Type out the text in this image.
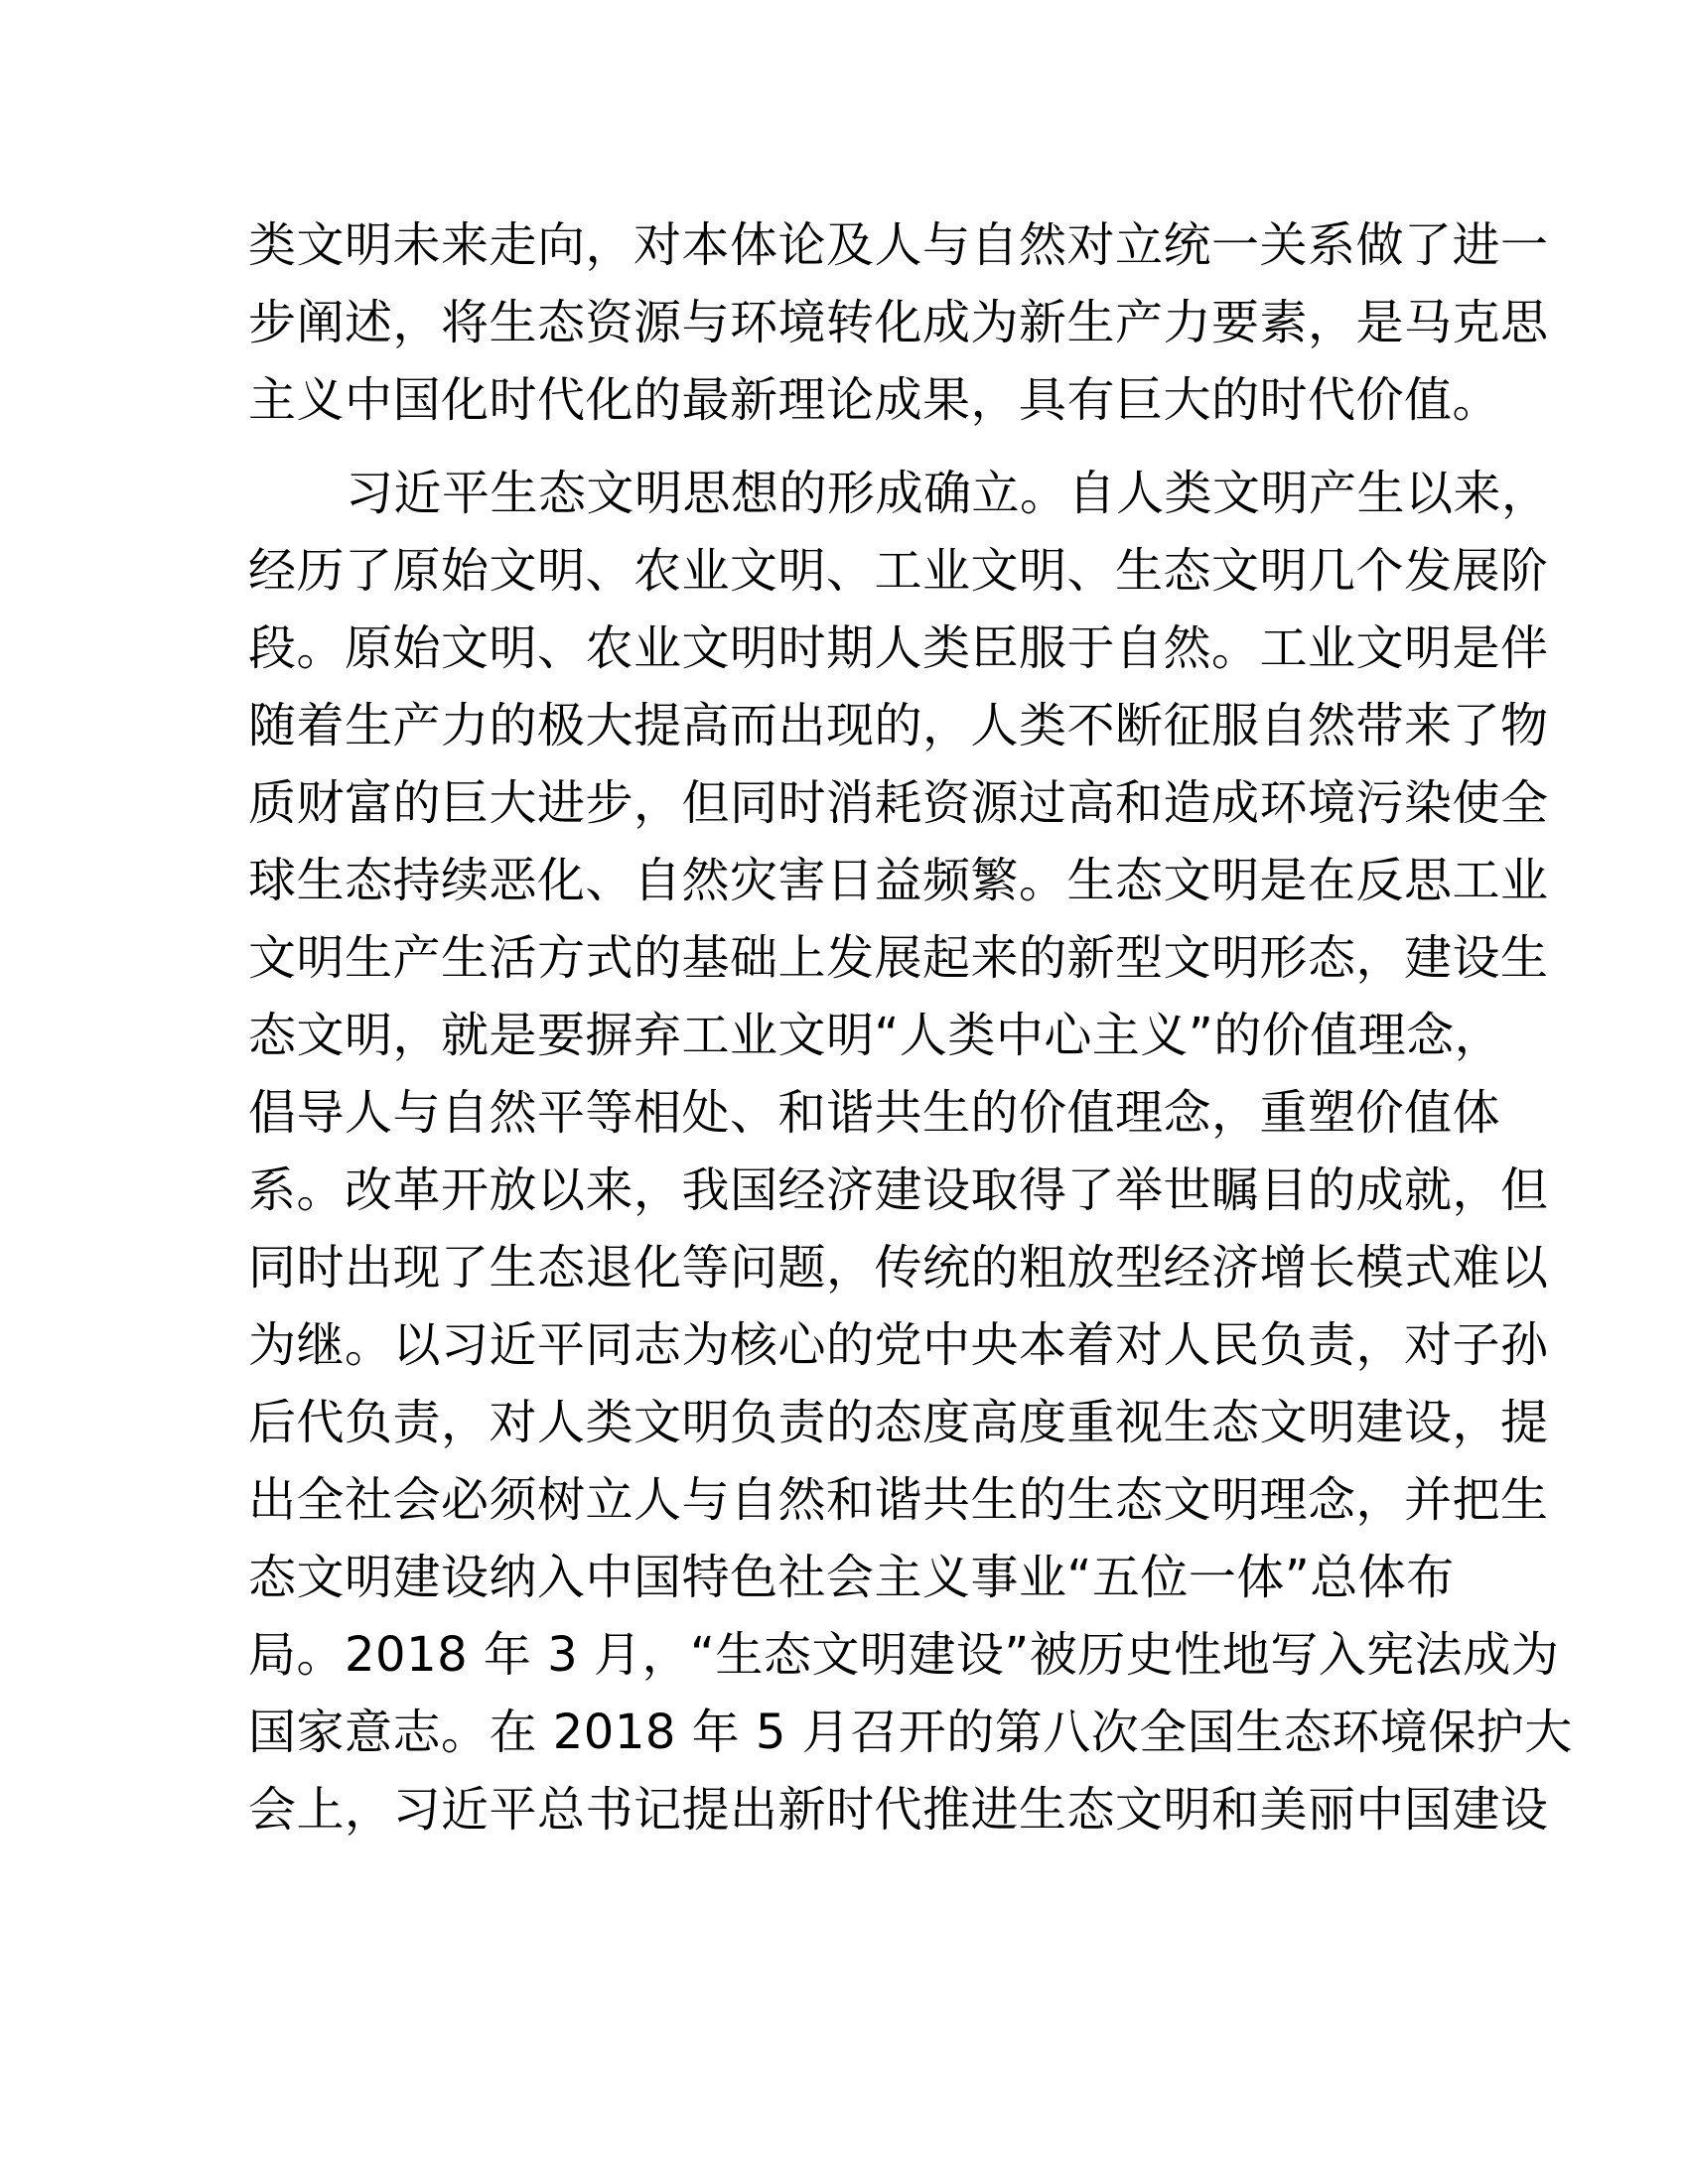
类文明未来走向，对本体论及人与自然对立统一关系做了进一
步阐述，将生态资源与环境转化成为新生产力要素，是马克思
主义中国化时代化的最新理论成果，具有巨大的时代价值。
习近平生态文明思想的形成确立。自人类文明产生以来，
经历了原始文明、农业文明、工业文明、生态文明几个发展阶
段。原始文明、农业文明时期人类臣服于自然。工业文明是伴
随着生产力的极大提高而出现的，人类不断征服自然带来了物
质财富的巨大进步，但同时消耗资源过高和造成环境污染使全
球生态持续恶化、自然灾害日益频繁。生态文明是在反思工业
文明生产生活方式的基础上发展起来的新型文明形态，建设生
态文明，就是要摒弃工业文明“人类中心主义”的价值理念，
倡导人与自然平等相处、和谐共生的价值理念，重塑价值体
系。改革开放以来，我国经济建设取得了举世瞩目的成就，但
同时出现了生态退化等问题，传统的粗放型经济增长模式难以
为继。以习近平同志为核心的党中央本着对人民负责，对子孙
后代负责，对人类文明负责的态度高度重视生态文明建设，提
出全社会必须树立人与自然和谐共生的生态文明理念，并把生
态文明建设纳入中国特色社会主义事业“五位一体”总体布
局。2018 年 3 月，“生态文明建设”被历史性地写入宪法成为
国家意志。在 2018 年 5 月召开的第八次全国生态环境保护大
会上，习近平总书记提出新时代推进生态文明和美丽中国建设
